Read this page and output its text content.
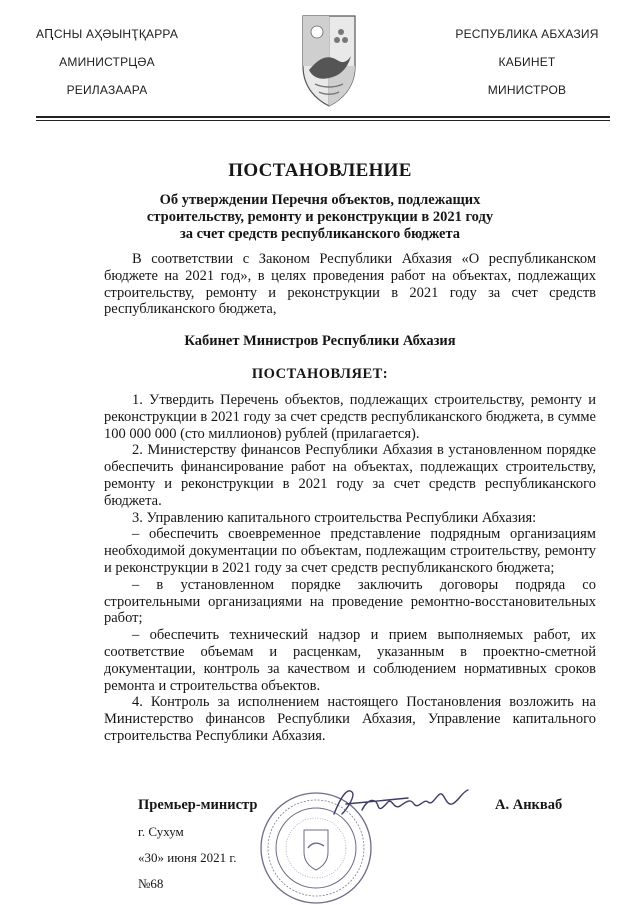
АԤСНЫ АҲӘЫНҬҚАРРА
АМИНИСТРЦӘА
РЕИЛАЗААРА
РЕСПУБЛИКА АБХАЗИЯ
КАБИНЕТ
МИНИСТРОВ
ПОСТАНОВЛЕНИЕ
Об утверждении Перечня объектов, подлежащих
строительству, ремонту и реконструкции в 2021 году
за счет средств республиканского бюджета
В соответствии с Законом Республики Абхазия «О республиканском бюджете на 2021 год», в целях проведения работ на объектах, подлежащих строительству, ремонту и реконструкции в 2021 году за счет средств республиканского бюджета,
Кабинет Министров Республики Абхазия
ПОСТАНОВЛЯЕТ:
1. Утвердить Перечень объектов, подлежащих строительству, ремонту и реконструкции в 2021 году за счет средств республиканского бюджета, в сумме 100 000 000 (сто миллионов) рублей (прилагается).
2. Министерству финансов Республики Абхазия в установленном порядке обеспечить финансирование работ на объектах, подлежащих строительству, ремонту и реконструкции в 2021 году за счет средств республиканского бюджета.
3. Управлению капитального строительства Республики Абхазия:
– обеспечить своевременное представление подрядным организациям необходимой документации по объектам, подлежащим строительству, ремонту и реконструкции в 2021 году за счет средств республиканского бюджета;
– в установленном порядке заключить договоры подряда со строительными организациями на проведение ремонтно-восстановительных работ;
– обеспечить технический надзор и прием выполняемых работ, их соответствие объемам и расценкам, указанным в проектно-сметной документации, контроль за качеством и соблюдением нормативных сроков ремонта и строительства объектов.
4. Контроль за исполнением настоящего Постановления возложить на Министерство финансов Республики Абхазия, Управление капитального строительства Республики Абхазия.
Премьер-министр	А. Анкваб
г. Сухум
«30» июня 2021 г.
№68
